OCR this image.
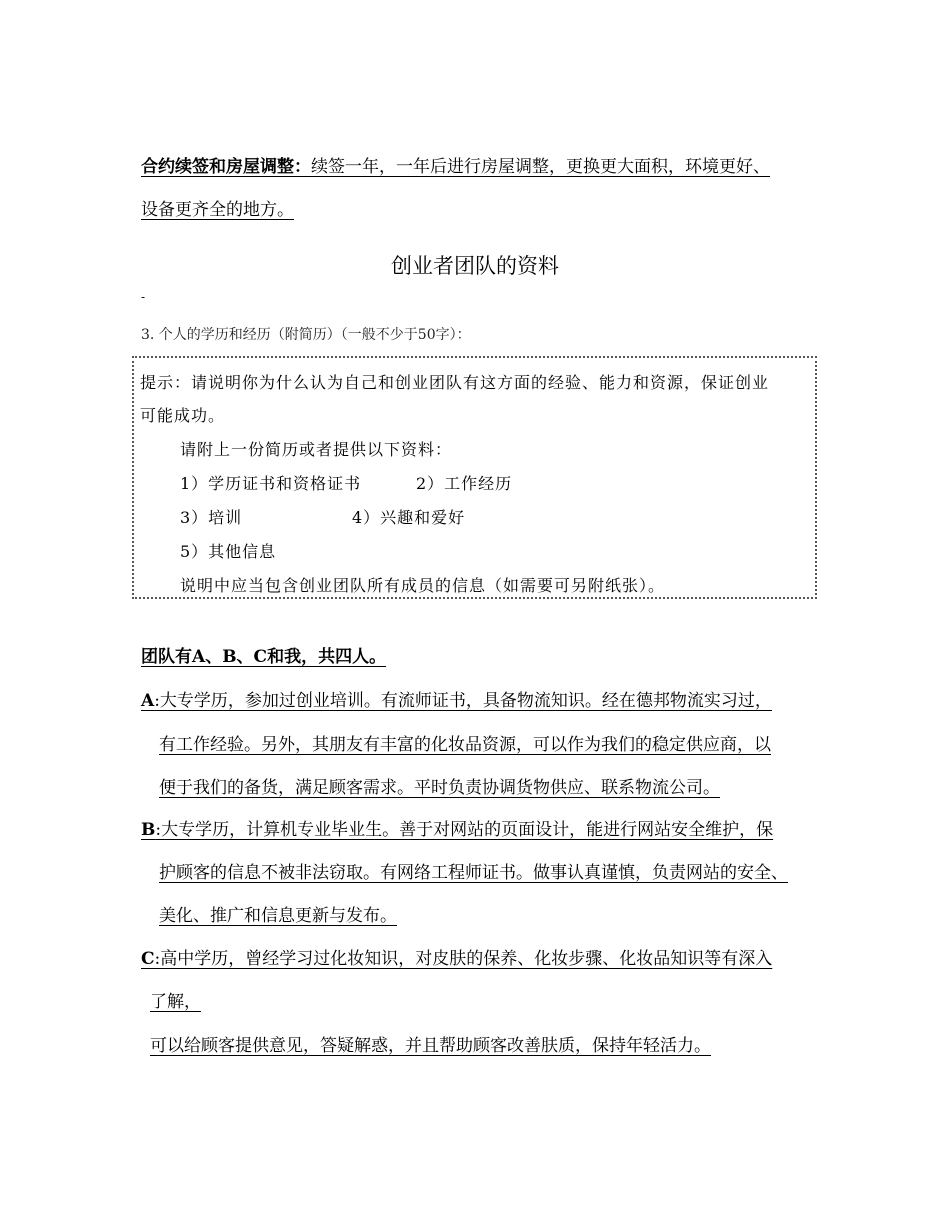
合约续签和房屋调整：续签一年，一年后进行房屋调整，更换更大面积，环境更好、
设备更齐全的地方。
创业者团队的资料
-
3. 个人的学历和经历（附简历）（一般不少于50字）：
提示：请说明你为什么认为自己和创业团队有这方面的经验、能力和资源，保证创业
可能成功。
请附上一份简历或者提供以下资料：
1）学历证书和资格证书	2）工作经历
3）培训	4）兴趣和爱好
5）其他信息
说明中应当包含创业团队所有成员的信息（如需要可另附纸张）。
团队有A、B、C和我，共四人。
A:大专学历，参加过创业培训。有流师证书，具备物流知识。经在德邦物流实习过，
有工作经验。另外，其朋友有丰富的化妆品资源，可以作为我们的稳定供应商，以
便于我们的备货，满足顾客需求。平时负责协调货物供应、联系物流公司。
B:大专学历，计算机专业毕业生。善于对网站的页面设计，能进行网站安全维护，保
护顾客的信息不被非法窃取。有网络工程师证书。做事认真谨慎，负责网站的安全、
美化、推广和信息更新与发布。
C:高中学历，曾经学习过化妆知识，对皮肤的保养、化妆步骤、化妆品知识等有深入
了解，
可以给顾客提供意见，答疑解惑，并且帮助顾客改善肤质，保持年轻活力。
